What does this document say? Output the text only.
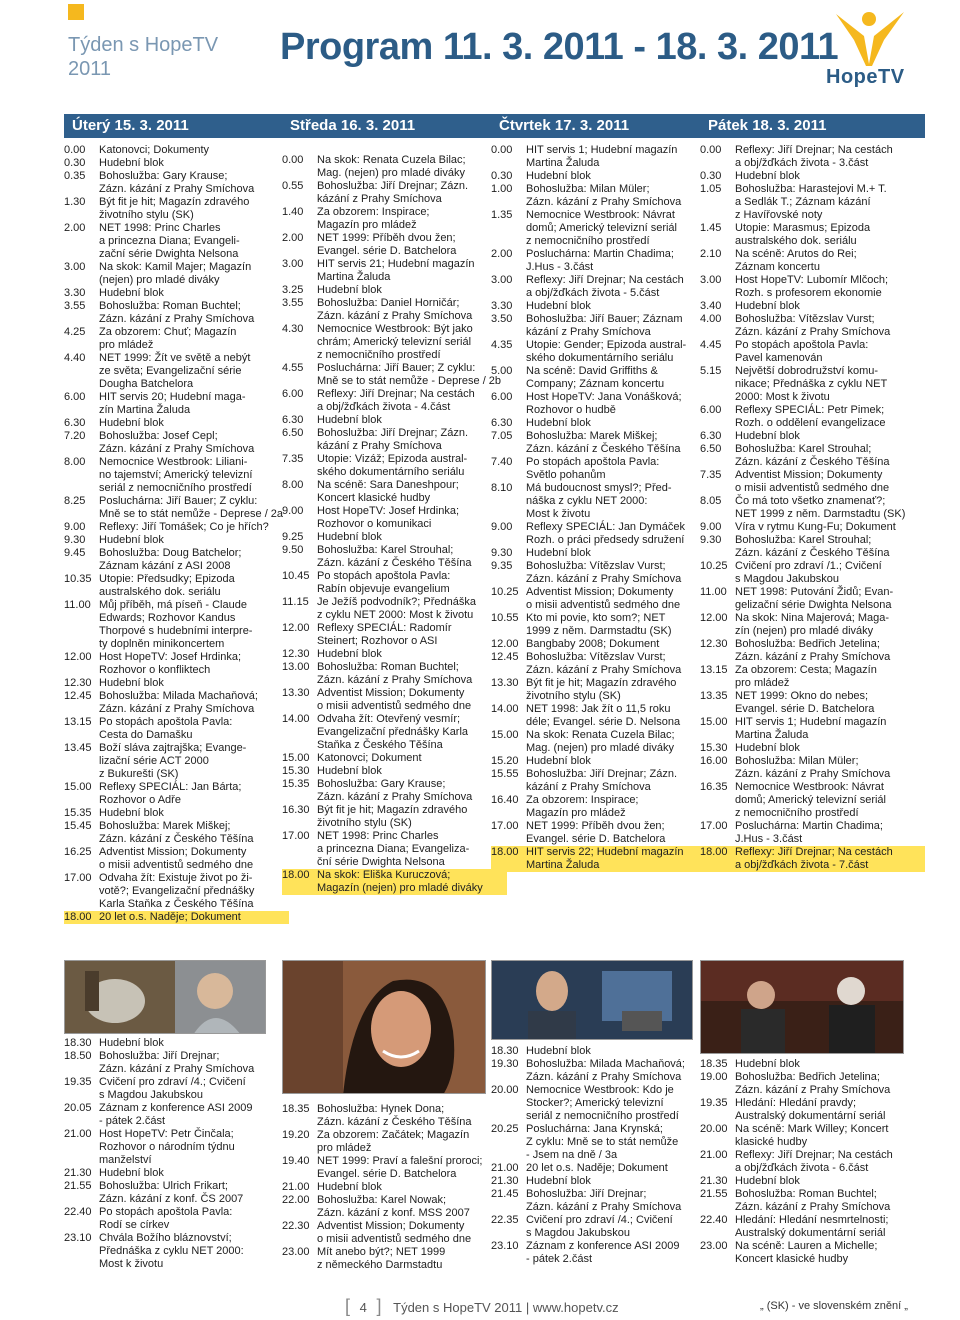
Týden s HopeTV
2011
Program 11. 3. 2011 - 18. 3. 2011
HopeTV
Úterý 15. 3. 2011
0.00	Katonovci; Dokumenty
0.30	Hudební blok
0.35	Bohoslužba: Gary Krause;
Zázn. kázání z Prahy Smíchova
1.30	Být fit je hit; Magazín zdravého
životního stylu (SK)
2.00	NET 1998: Princ Charles
a princezna Diana; Evangeli-
zační série Dwighta Nelsona
3.00	Na skok: Kamil Majer; Magazín
(nejen) pro mladé diváky
3.30	Hudební blok
3.55	Bohoslužba: Roman Buchtel;
Zázn. kázání z Prahy Smíchova
4.25	Za obzorem: Chuť; Magazín
pro mládež
4.40	NET 1999: Žít ve světě a nebýt
ze světa; Evangelizační série
Dougha Batchelora
6.00	HIT servis 20; Hudební maga-
zín Martina Žaluda
6.30	Hudební blok
7.20	Bohoslužba: Josef Cepl;
Zázn. kázání z Prahy Smíchova
8.00	Nemocnice Westbrook: Liliani-
no tajemství; Americký televizní
seriál z nemocničního prostředí
8.25	Posluchárna: Jiří Bauer; Z cyklu:
Mně se to stát nemůže - Deprese / 2a
9.00	Reflexy: Jiří Tomášek; Co je hřích?
9.30	Hudební blok
9.45	Bohoslužba: Doug Batchelor;
Záznam kázání z ASI 2008
10.35 Utopie: Předsudky; Epizoda
australského dok. seriálu
11.00 Můj příběh, má píseň - Claude
Edwards; Rozhovor Kandus
Thorpové s hudebními interpre-
ty doplněn minikoncertem
12.00 Host HopeTV: Josef Hrdinka;
Rozhovor o konfliktech
12.30 Hudební blok
12.45 Bohoslužba: Milada Machaňová;
Zázn. kázání z Prahy Smíchova
13.15 Po stopách apoštola Pavla:
Cesta do Damašku
13.45 Boží sláva zajtrajška; Evange-
lizační série ACT 2000
z Bukurešti (SK)
15.00 Reflexy SPECIÁL: Jan Bárta;
Rozhovor o Adře
15.35 Hudební blok
15.45 Bohoslužba: Marek Miškej;
Zázn. kázání z Českého Těšína
16.25 Adventist Mission; Dokumenty
o misii adventistů sedmého dne
17.00 Odvaha žít: Existuje život po ži-
votě?; Evangelizační přednášky
Karla Staňka z Českého Těšína
18.00 20 let o.s. Naděje; Dokument
Středa 16. 3. 2011
0.00	Na skok: Renata Cuzela Bilac;
Mag. (nejen) pro mladé diváky
0.55	Bohoslužba: Jiří Drejnar; Zázn.
kázání z Prahy Smíchova
1.40	Za obzorem: Inspirace;
Magazín pro mládež
2.00	NET 1999: Příběh dvou žen;
Evangel. série D. Batchelora
3.00	HIT servis 21; Hudební magazín
Martina Žaluda
3.25	Hudební blok
3.55	Bohoslužba: Daniel Horničár;
Zázn. kázání z Prahy Smíchova
4.30	Nemocnice Westbrook: Být jako
chrám; Americký televizní seriál
z nemocničního prostředí
4.55	Posluchárna: Jiří Bauer; Z cyklu:
Mně se to stát nemůže - Deprese / 2b
6.00	Reflexy: Jiří Drejnar; Na cestách
a obj/žďkách života - 4.část
6.30	Hudební blok
6.50	Bohoslužba: Jiří Drejnar; Zázn.
kázání z Prahy Smíchova
7.35	Utopie: Vizáž; Epizoda austral-
ského dokumentárního seriálu
8.00	Na scéně: Sara Daneshpour;
Koncert klasické hudby
9.00	Host HopeTV: Josef Hrdinka;
Rozhovor o komunikaci
9.25	Hudební blok
9.50	Bohoslužba: Karel Strouhal;
Zázn. kázání z Českého Těšína
10.45 Po stopách apoštola Pavla:
Rabín objevuje evangelium
11.15 Je Ježíš podvodník?; Přednáška
z cyklu NET 2000: Most k životu
12.00 Reflexy SPECIÁL: Radomír
Steinert; Rozhovor o ASI
12.30 Hudební blok
13.00 Bohoslužba: Roman Buchtel;
Zázn. kázání z Prahy Smíchova
13.30 Adventist Mission; Dokumenty
o misii adventistů sedmého dne
14.00 Odvaha žít: Otevřený vesmír;
Evangelizační přednášky Karla
Staňka z Českého Těšína
15.00 Katonovci; Dokument
15.30 Hudební blok
15.35 Bohoslužba: Gary Krause;
Zázn. kázání z Prahy Smíchova
16.30 Být fit je hit; Magazín zdravého
životního stylu (SK)
17.00 NET 1998: Princ Charles
a princezna Diana; Evangeliza-
ční série Dwighta Nelsona
18.00 Na skok: Eliška Kuruczová;
Magazín (nejen) pro mladé diváky
Čtvrtek 17. 3. 2011
0.00	HIT servis 1; Hudební magazín
Martina Žaluda
0.30	Hudební blok
1.00	Bohoslužba: Milan Müler;
Zázn. kázání z Prahy Smíchova
1.35	Nemocnice Westbrook: Návrat
domů; Americký televizní seriál
z nemocničního prostředí
2.00	Posluchárna: Martin Chadima;
J.Hus - 3.část
3.00	Reflexy: Jiří Drejnar; Na cestách
a obj/žďkách života - 5.část
3.30	Hudební blok
3.50	Bohoslužba: Jiří Bauer; Záznam
kázání z Prahy Smíchova
4.35	Utopie: Gender; Epizoda austral-
ského dokumentárního seriálu
5.00	Na scéně: David Griffiths &
Company; Záznam koncertu
6.00	Host HopeTV: Jana Vonášková;
Rozhovor o hudbě
6.30	Hudební blok
7.05	Bohoslužba: Marek Miškej;
Zázn. kázání z Českého Těšína
7.40	Po stopách apoštola Pavla:
Světlo pohanům
8.10	Má budoucnost smysl?; Před-
náška z cyklu NET 2000:
Most k životu
9.00	Reflexy SPECIÁL: Jan Dymáček
Rozh. o práci předsedy sdružení
9.30	Hudební blok
9.35	Bohoslužba: Vítězslav Vurst;
Zázn. kázání z Prahy Smíchova
10.25 Adventist Mission; Dokumenty
o misii adventistů sedmého dne
10.55 Kto mi povie, kto som?; NET
1999 z něm. Darmstadtu (SK)
12.00 Bangbaby 2008; Dokument
12.45 Bohoslužba: Vítězslav Vurst;
Zázn. kázání z Prahy Smíchova
13.30 Být fit je hit; Magazín zdravého
životního stylu (SK)
14.00 NET 1998: Jak žít o 11,5 roku
déle; Evangel. série D. Nelsona
15.00 Na skok: Renata Cuzela Bilac;
Mag. (nejen) pro mladé diváky
15.20 Hudební blok
15.55 Bohoslužba: Jiří Drejnar; Zázn.
kázání z Prahy Smíchova
16.40 Za obzorem: Inspirace;
Magazín pro mládež
17.00 NET 1999: Příběh dvou žen;
Evangel. série D. Batchelora
18.00 HIT servis 22; Hudební magazín
Martina Žaluda
Pátek 18. 3. 2011
0.00	Reflexy: Jiří Drejnar; Na cestách
a obj/žďkách života - 3.část
0.30	Hudební blok
1.05	Bohoslužba: Harastejovi M.+ T.
a Sedlák T.; Záznam kázání
z Havířovské noty
1.45	Utopie: Marasmus; Epizoda
australského dok. seriálu
2.10	Na scéně: Arutos do Rei;
Záznam koncertu
3.00	Host HopeTV: Lubomír Mlčoch;
Rozh. s profesorem ekonomie
3.40	Hudební blok
4.00	Bohoslužba: Vítězslav Vurst;
Zázn. kázání z Prahy Smíchova
4.45	Po stopách apoštola Pavla:
Pavel kamenován
5.15	Největší dobrodružství komu-
nikace; Přednáška z cyklu NET
2000: Most k životu
6.00	Reflexy SPECIÁL: Petr Pimek;
Rozh. o oddělení evangelizace
6.30	Hudební blok
6.50	Bohoslužba: Karel Strouhal;
Zázn. kázání z Českého Těšína
7.35	Adventist Mission; Dokumenty
o misii adventistů sedmého dne
8.05	Čo má toto všetko znamenať?;
NET 1999 z něm. Darmstadtu (SK)
9.00	Víra v rytmu Kung-Fu; Dokument
9.30	Bohoslužba: Karel Strouhal;
Zázn. kázání z Českého Těšína
10.25 Cvičení pro zdraví /1.; Cvičení
s Magdou Jakubskou
11.00 NET 1998: Putování Židů; Evan-
gelizační série Dwighta Nelsona
12.00 Na skok: Nina Majerová; Maga-
zín (nejen) pro mladé diváky
12.30 Bohoslužba: Bedřich Jetelina;
Zázn. kázání z Prahy Smíchova
13.15 Za obzorem: Cesta; Magazín
pro mládež
13.35 NET 1999: Okno do nebes;
Evangel. série D. Batchelora
15.00 HIT servis 1; Hudební magazín
Martina Žaluda
15.30 Hudební blok
16.00 Bohoslužba: Milan Müler;
Zázn. kázání z Prahy Smíchova
16.35 Nemocnice Westbrook: Návrat
domů; Americký televizní seriál
z nemocničního prostředí
17.00 Posluchárna: Martin Chadima;
J.Hus - 3.část
18.00 Reflexy: Jiří Drejnar; Na cestách
a obj/žďkách života - 7.část
18.30 Hudební blok
18.50 Bohoslužba: Jiří Drejnar;
Zázn. kázání z Prahy Smíchova
19.35 Cvičení pro zdraví /4.; Cvičení
s Magdou Jakubskou
20.05 Záznam z konference ASI 2009
- pátek 2.část
21.00 Host HopeTV: Petr Činčala;
Rozhovor o národním týdnu
manželství
21.30 Hudební blok
21.55 Bohoslužba: Ulrich Frikart;
Zázn. kázání z konf. ČS 2007
22.40 Po stopách apoštola Pavla:
Rodí se církev
23.10 Chvála Božího bláznovství;
Přednáška z cyklu NET 2000:
Most k životu
18.35 Bohoslužba: Hynek Dona;
Zázn. kázání z Českého Těšína
19.20 Za obzorem: Začátek; Magazín
pro mládež
19.40 NET 1999: Praví a falešní proroci;
Evangel. série D. Batchelora
21.00 Hudební blok
22.00 Bohoslužba: Karel Nowak;
Zázn. kázání z konf. MSS 2007
22.30 Adventist Mission; Dokumenty
o misii adventistů sedmého dne
23.00 Mít anebo být?; NET 1999
z německého Darmstadtu
18.30 Hudební blok
19.30 Bohoslužba: Milada Machaňová;
Zázn. kázání z Prahy Smíchova
20.00 Nemocnice Westbrook: Kdo je
Stocker?; Americký televizní
seriál z nemocničního prostředí
20.25 Posluchárna: Jana Krynská;
Z cyklu: Mně se to stát nemůže
- Jsem na dně / 3a
21.00 20 let o.s. Naděje; Dokument
21.30 Hudební blok
21.45 Bohoslužba: Jiří Drejnar;
Zázn. kázání z Prahy Smíchova
22.35 Cvičení pro zdraví /4.; Cvičení
s Magdou Jakubskou
23.10 Záznam z konference ASI 2009
- pátek 2.část
18.35 Hudební blok
19.00 Bohoslužba: Bedřich Jetelina;
Zázn. kázání z Prahy Smíchova
19.35 Hledání: Hledání pravdy;
Australský dokumentární seriál
20.00 Na scéně: Mark Willey; Koncert
klasické hudby
21.00 Reflexy: Jiří Drejnar; Na cestách
a obj/žďkách života - 6.část
21.30 Hudební blok
21.55 Bohoslužba: Roman Buchtel;
Zázn. kázání z Prahy Smíchova
22.40 Hledání: Hledání nesmrtelnosti;
Australský dokumentární seriál
23.00 Na scéně: Lauren a Michelle;
Koncert klasické hudby
[ 4 ] Týden s HopeTV 2011 | www.hopetv.cz	„ (SK) - ve slovenském znění „
